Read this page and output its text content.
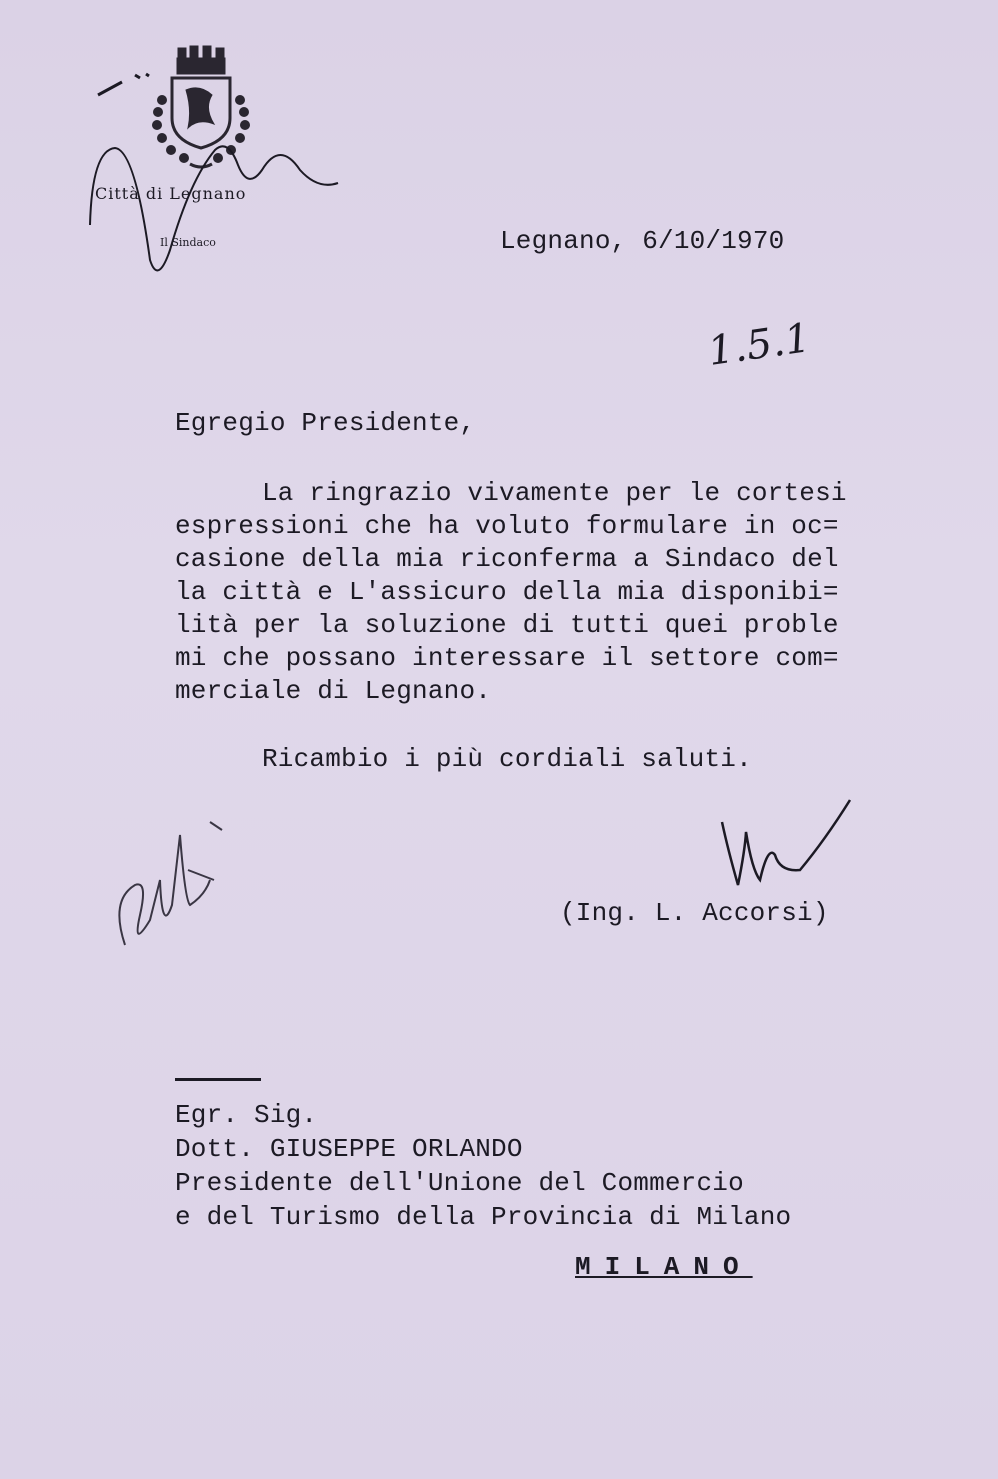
Città di Legnano
Il Sindaco	Legnano, 6/10/1970
1.5.1
Egregio Presidente,
La ringrazio vivamente per le cortesi
espressioni che ha voluto formulare in oc=
casione della mia riconferma a Sindaco del
la città e L'assicuro della mia disponibi=
lità per la soluzione di tutti quei proble
mi che possano interessare il settore com=
merciale di Legnano.
Ricambio i più cordiali saluti.
(Ing. L. Accorsi)
Egr. Sig.
Dott. GIUSEPPE ORLANDO
Presidente dell'Unione del Commercio
e del Turismo della Provincia di Milano
MILANO
